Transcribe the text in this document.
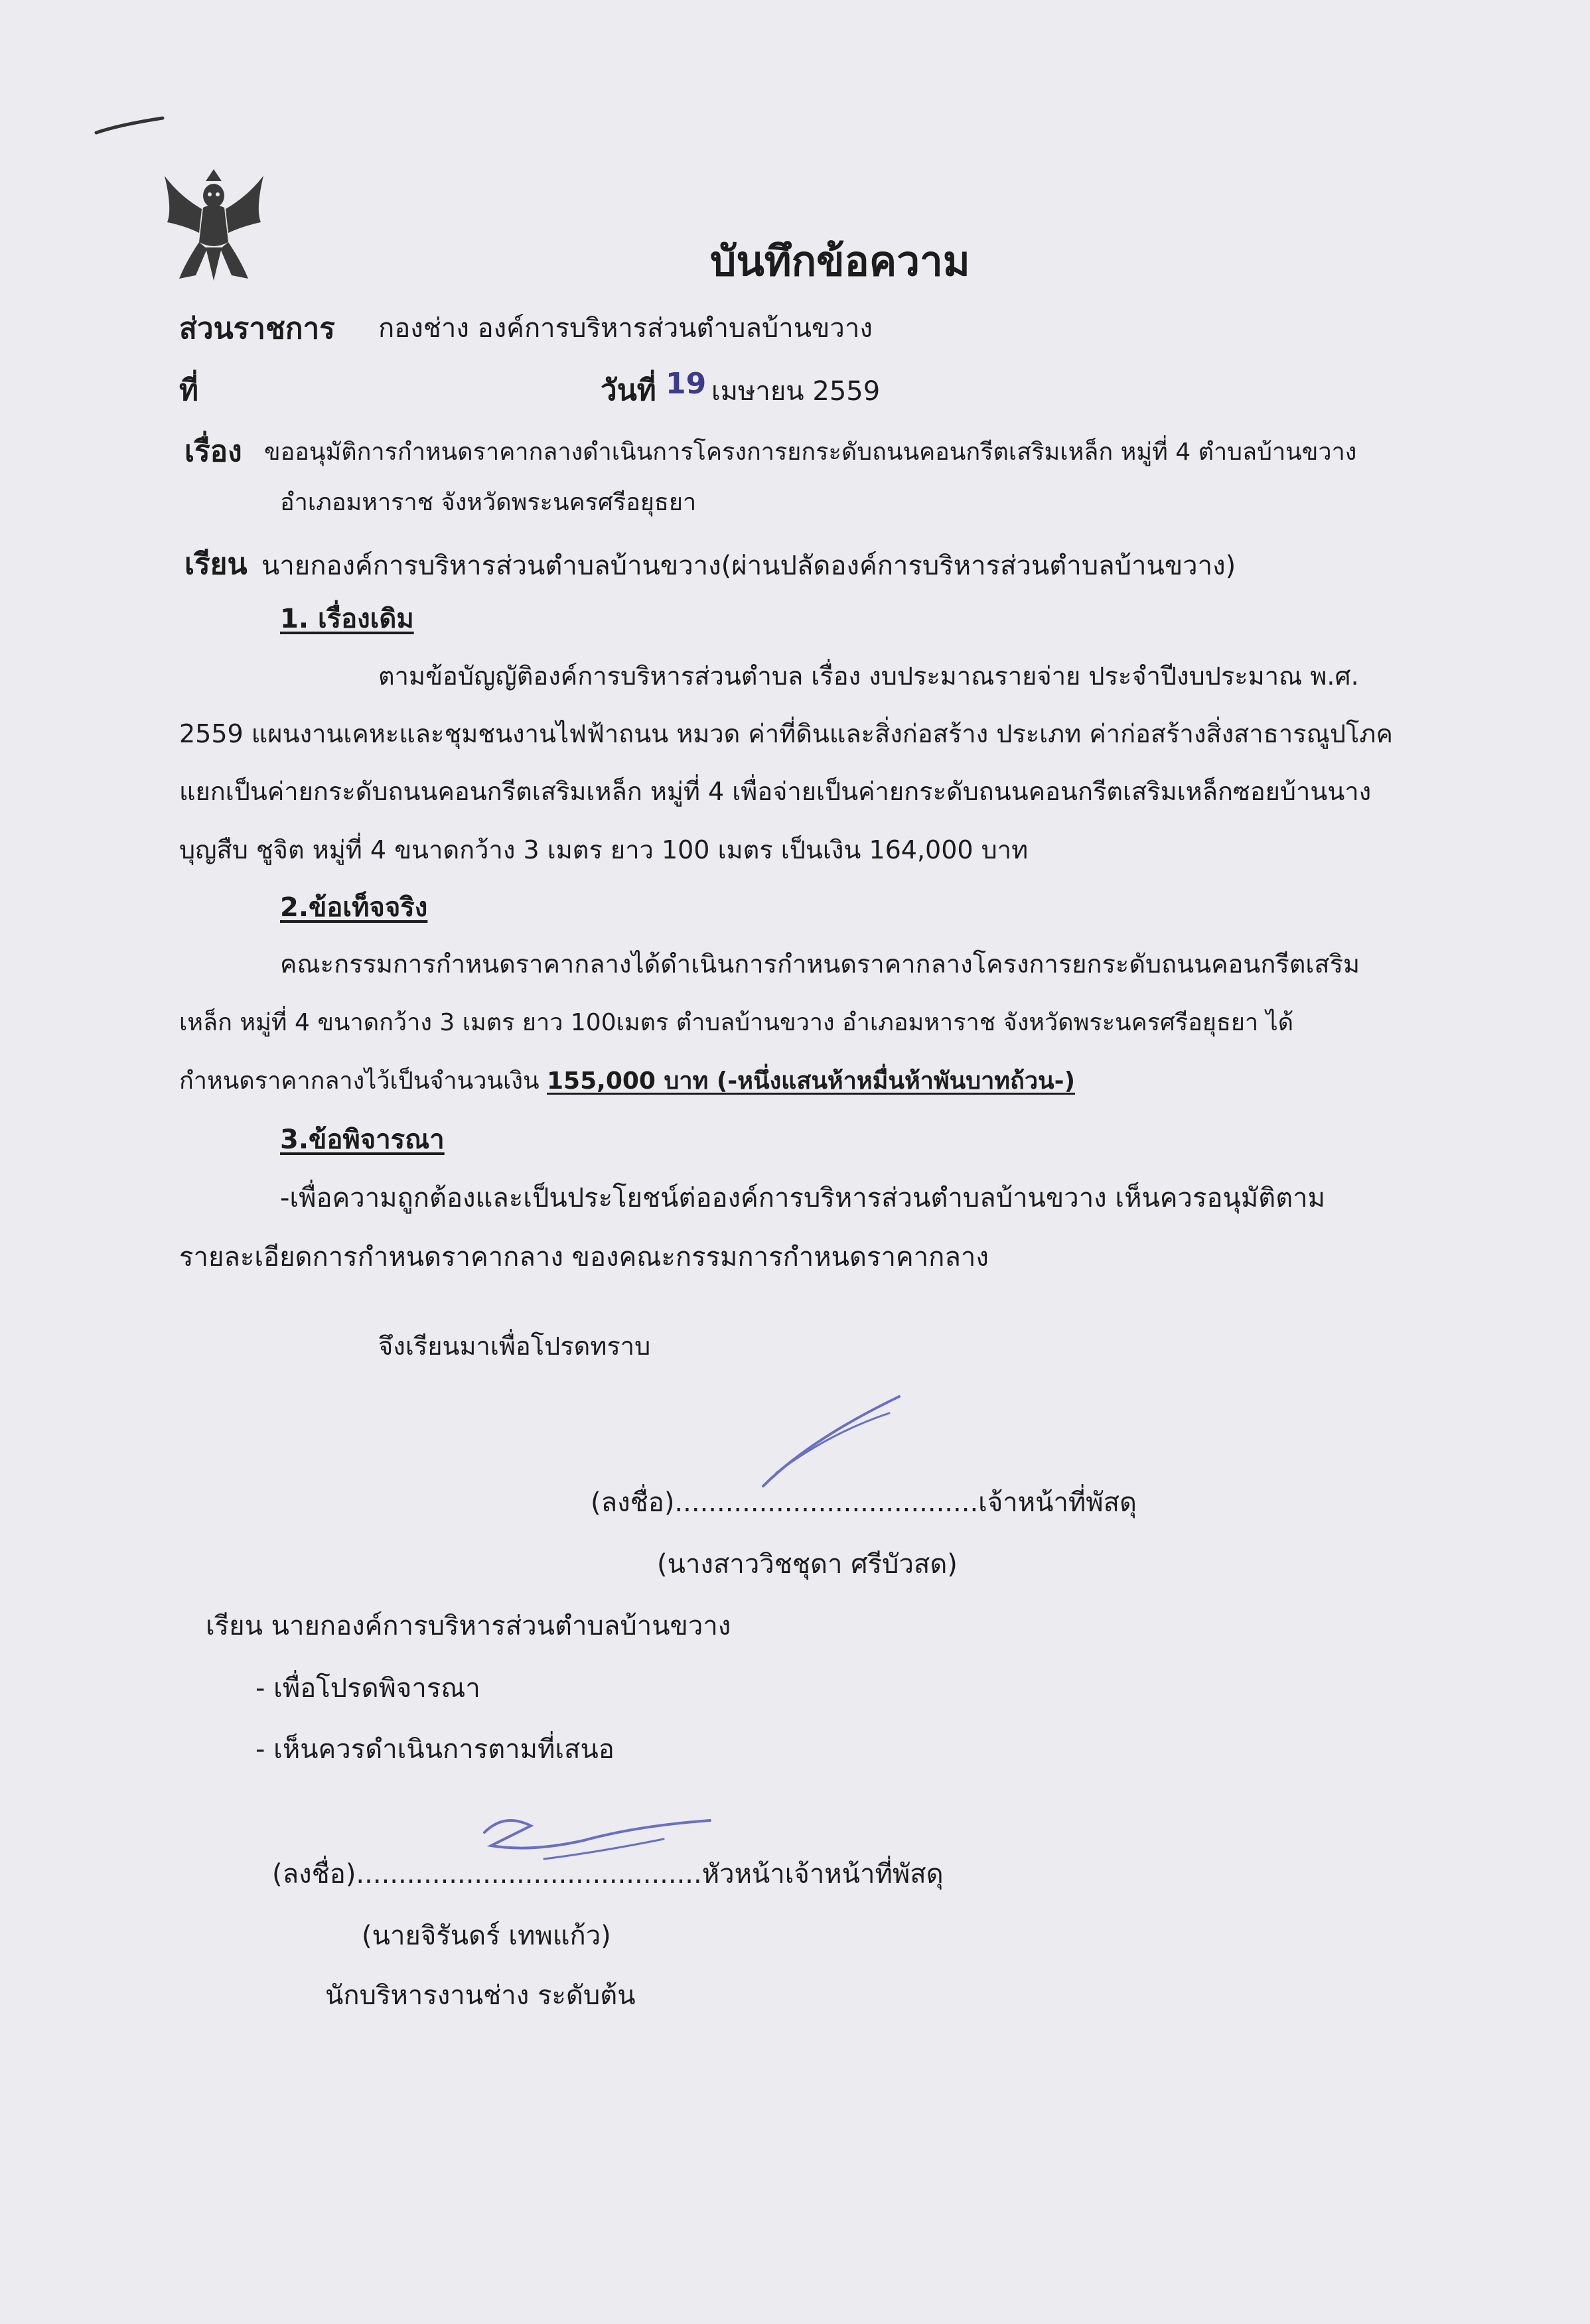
บันทึกข้อความ
ส่วนราชการ กองช่าง องค์การบริหารส่วนตำบลบ้านขวาง
ที่	วันที่ 19 เมษายน 2559
เรื่อง ขออนุมัติการกำหนดราคากลางดำเนินการโครงการยกระดับถนนคอนกรีตเสริมเหล็ก หมู่ที่ 4 ตำบลบ้านขวาง
อำเภอมหาราช จังหวัดพระนครศรีอยุธยา
เรียน นายกองค์การบริหารส่วนตำบลบ้านขวาง(ผ่านปลัดองค์การบริหารส่วนตำบลบ้านขวาง)
1. เรื่องเดิม
ตามข้อบัญญัติองค์การบริหารส่วนตำบล เรื่อง งบประมาณรายจ่าย ประจำปีงบประมาณ พ.ศ.
2559 แผนงานเคหะและชุมชนงานไฟฟ้าถนน หมวด ค่าที่ดินและสิ่งก่อสร้าง ประเภท ค่าก่อสร้างสิ่งสาธารณูปโภค
แยกเป็นค่ายกระดับถนนคอนกรีตเสริมเหล็ก หมู่ที่ 4 เพื่อจ่ายเป็นค่ายกระดับถนนคอนกรีตเสริมเหล็กซอยบ้านนาง
บุญสืบ ชูจิต หมู่ที่ 4 ขนาดกว้าง 3 เมตร ยาว 100 เมตร เป็นเงิน 164,000 บาท
2.ข้อเท็จจริง
คณะกรรมการกำหนดราคากลางได้ดำเนินการกำหนดราคากลางโครงการยกระดับถนนคอนกรีตเสริม
เหล็ก หมู่ที่ 4 ขนาดกว้าง 3 เมตร ยาว 100เมตร ตำบลบ้านขวาง อำเภอมหาราช จังหวัดพระนครศรีอยุธยา ได้
กำหนดราคากลางไว้เป็นจำนวนเงิน 155,000 บาท (-หนึ่งแสนห้าหมื่นห้าพันบาทถ้วน-)
3.ข้อพิจารณา
-เพื่อความถูกต้องและเป็นประโยชน์ต่อองค์การบริหารส่วนตำบลบ้านขวาง เห็นควรอนุมัติตาม
รายละเอียดการกำหนดราคากลาง ของคณะกรรมการกำหนดราคากลาง
จึงเรียนมาเพื่อโปรดทราบ
(ลงชื่อ)....................................เจ้าหน้าที่พัสดุ
(นางสาววิชชุดา ศรีบัวสด)
เรียน นายกองค์การบริหารส่วนตำบลบ้านขวาง
- เพื่อโปรดพิจารณา
- เห็นควรดำเนินการตามที่เสนอ
(ลงชื่อ).........................................หัวหน้าเจ้าหน้าที่พัสดุ
(นายจิรันดร์ เทพแก้ว)
นักบริหารงานช่าง ระดับต้น
